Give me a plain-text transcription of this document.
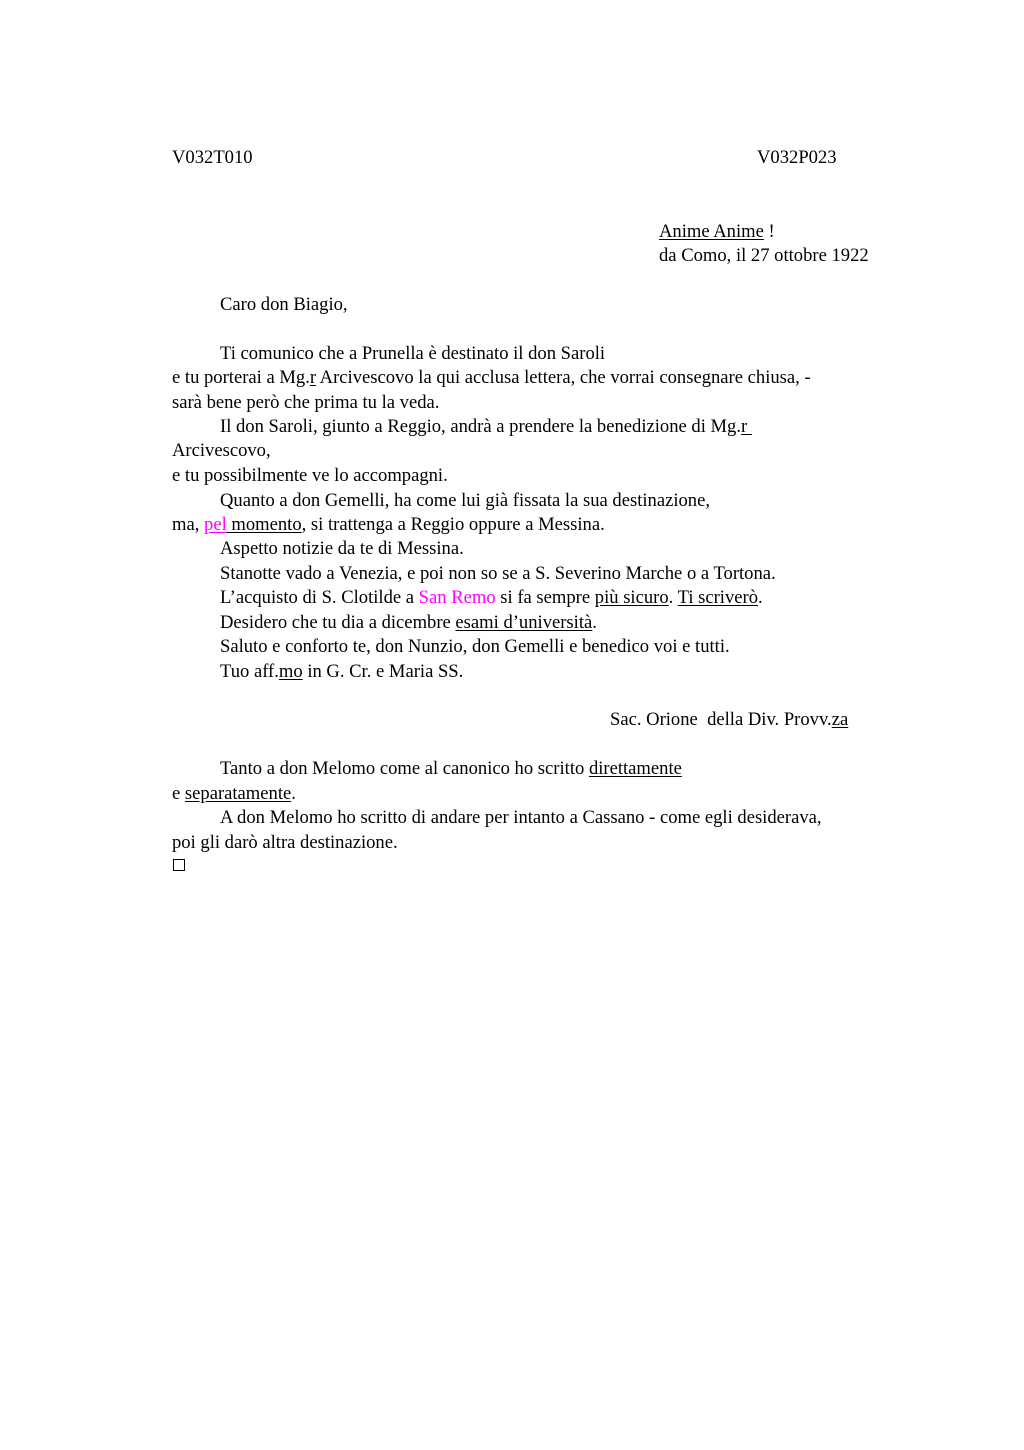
V032T010	V032P023
Anime Anime !
da Como, il 27 ottobre 1922
Caro don Biagio,
Ti comunico che a Prunella è destinato il don Saroli
e tu porterai a Mg.r Arcivescovo la qui acclusa lettera, che vorrai consegnare chiusa, -
sarà bene però che prima tu la veda.
Il don Saroli, giunto a Reggio, andrà a prendere la benedizione di Mg.r
Arcivescovo,
e tu possibilmente ve lo accompagni.
Quanto a don Gemelli, ha come lui già fissata la sua destinazione,
ma, pel momento, si trattenga a Reggio oppure a Messina.
Aspetto notizie da te di Messina.
Stanotte vado a Venezia, e poi non so se a S. Severino Marche o a Tortona.
L’acquisto di S. Clotilde a San Remo si fa sempre più sicuro. Ti scriverò.
Desidero che tu dia a dicembre esami d’università.
Saluto e conforto te, don Nunzio, don Gemelli e benedico voi e tutti.
Tuo aff.mo in G. Cr. e Maria SS.
Sac. Orione  della Div. Provv.za
Tanto a don Melomo come al canonico ho scritto direttamente
e separatamente.
A don Melomo ho scritto di andare per intanto a Cassano - come egli desiderava,
poi gli darò altra destinazione.
